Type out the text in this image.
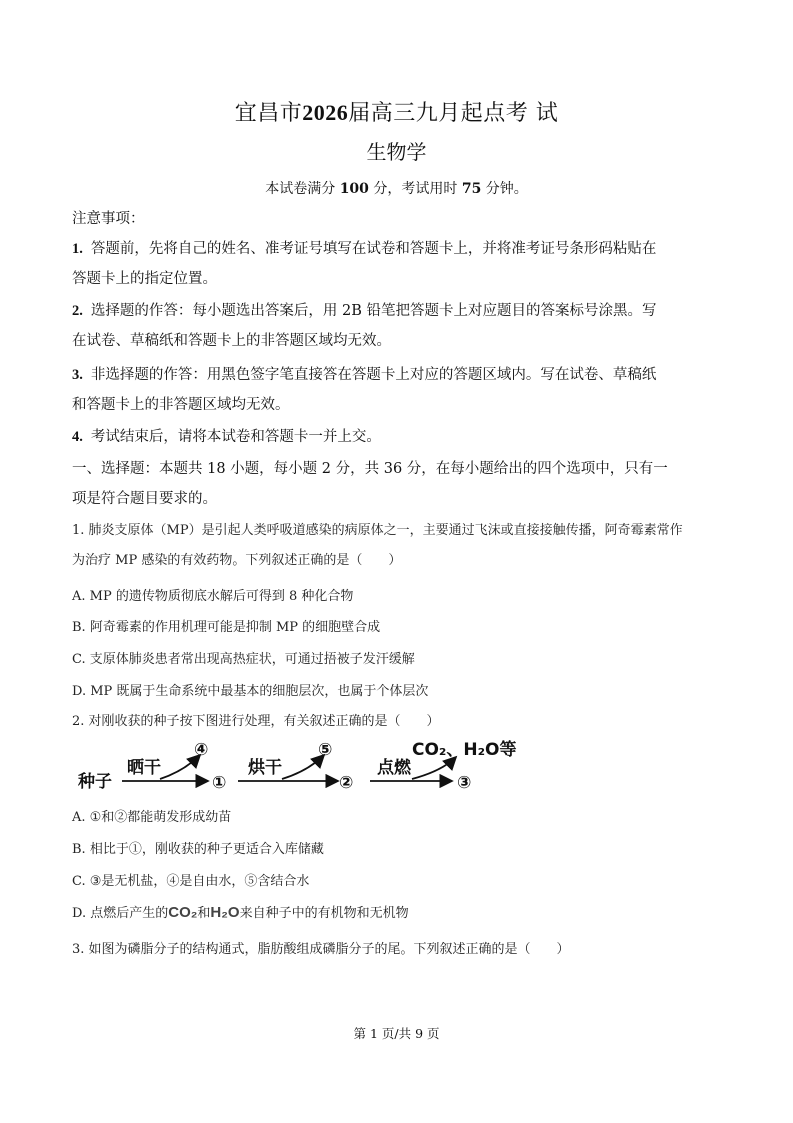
宜昌市2026届高三九月起点考 试
生物学
本试卷满分 100 分，考试用时 75 分钟。
注意事项：
1. 答题前，先将自己的姓名、准考证号填写在试卷和答题卡上，并将准考证号条形码粘贴在
答题卡上的指定位置。
2. 选择题的作答：每小题选出答案后，用 2B 铅笔把答题卡上对应题目的答案标号涂黑。写
在试卷、草稿纸和答题卡上的非答题区域均无效。
3. 非选择题的作答：用黑色签字笔直接答在答题卡上对应的答题区域内。写在试卷、草稿纸
和答题卡上的非答题区域均无效。
4. 考试结束后，请将本试卷和答题卡一并上交。
一、选择题：本题共 18 小题，每小题 2 分，共 36 分，在每小题给出的四个选项中，只有一
项是符合题目要求的。
1. 肺炎支原体（MP）是引起人类呼吸道感染的病原体之一，主要通过飞沫或直接接触传播，阿奇霉素常作
为治疗 MP 感染的有效药物。下列叙述正确的是（　　）
A. MP 的遗传物质彻底水解后可得到 8 种化合物
B. 阿奇霉素的作用机理可能是抑制 MP 的细胞壁合成
C. 支原体肺炎患者常出现高热症状，可通过捂被子发汗缓解
D. MP 既属于生命系统中最基本的细胞层次，也属于个体层次
2. 对刚收获的种子按下图进行处理，有关叙述正确的是（　　）
种子
晒干
④
①
烘干
⑤
②
点燃
CO₂、H₂O等
③
A. ①和②都能萌发形成幼苗
B. 相比于①，刚收获的种子更适合入库储藏
C. ③是无机盐，④是自由水，⑤含结合水
D. 点燃后产生的CO₂和H₂O来自种子中的有机物和无机物
3. 如图为磷脂分子的结构通式，脂肪酸组成磷脂分子的尾。下列叙述正确的是（　　）
第 1 页/共 9 页
